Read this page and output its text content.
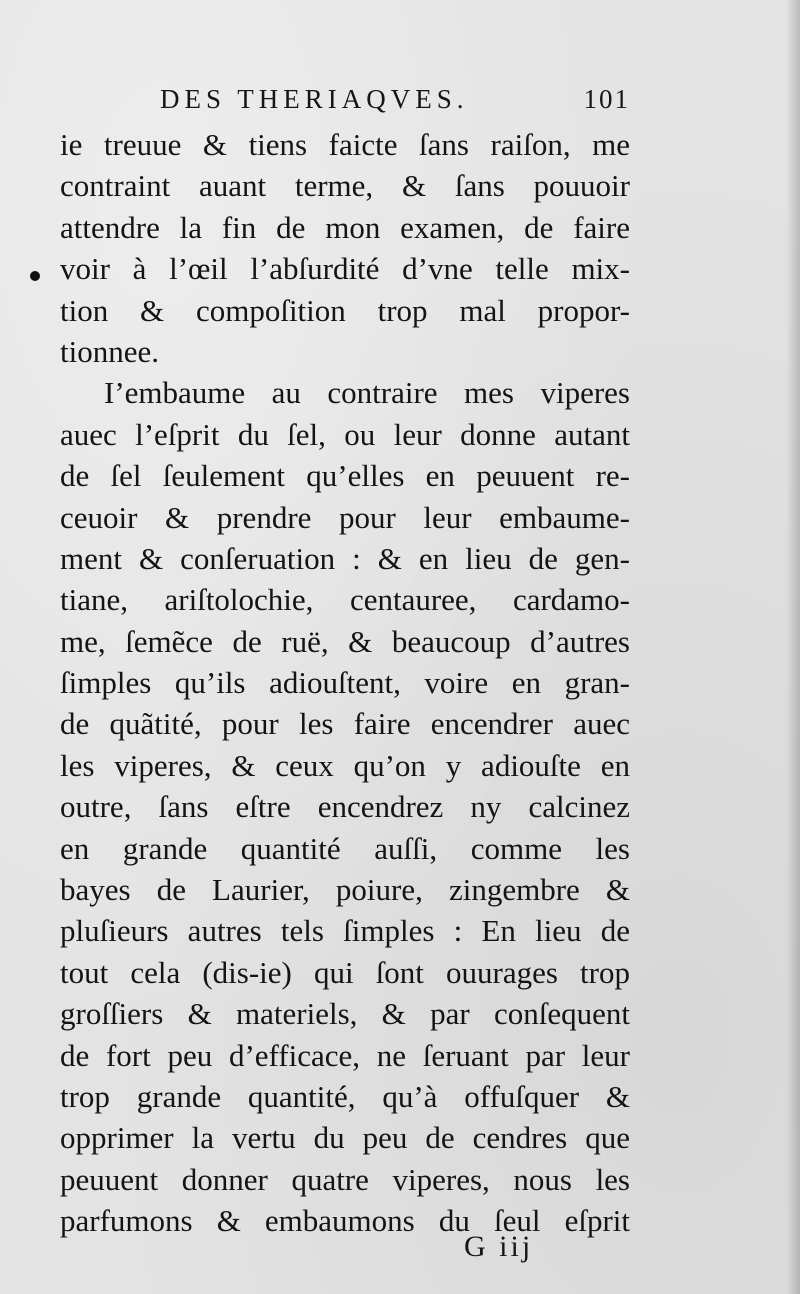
DES THERIAQVES.	101
ie treuue & tiens faicte ſans raiſon, me
contraint auant terme, & ſans pouuoir
attendre la fin de mon examen, de faire
voir à l’œil l’abſurdité d’vne telle mix-
tion & compoſition trop mal propor-
tionnee.
I’embaume au contraire mes viperes
auec l’eſprit du ſel, ou leur donne autant
de ſel ſeulement qu’elles en peuuent re-
ceuoir & prendre pour leur embaume-
ment & conſeruation : & en lieu de gen-
tiane, ariſtolochie, centauree, cardamo-
me, ſemẽce de ruë, & beaucoup d’autres
ſimples qu’ils adiouſtent, voire en gran-
de quãtité, pour les faire encendrer auec
les viperes, & ceux qu’on y adiouſte en
outre, ſans eſtre encendrez ny calcinez
en grande quantité auſſi, comme les
bayes de Laurier, poiure, zingembre &
pluſieurs autres tels ſimples : En lieu de
tout cela (dis-ie) qui ſont ouurages trop
groſſiers & materiels, & par conſequent
de fort peu d’efficace, ne ſeruant par leur
trop grande quantité, qu’à offuſquer &
opprimer la vertu du peu de cendres que
peuuent donner quatre viperes, nous les
parfumons & embaumons du ſeul eſprit
G iij
